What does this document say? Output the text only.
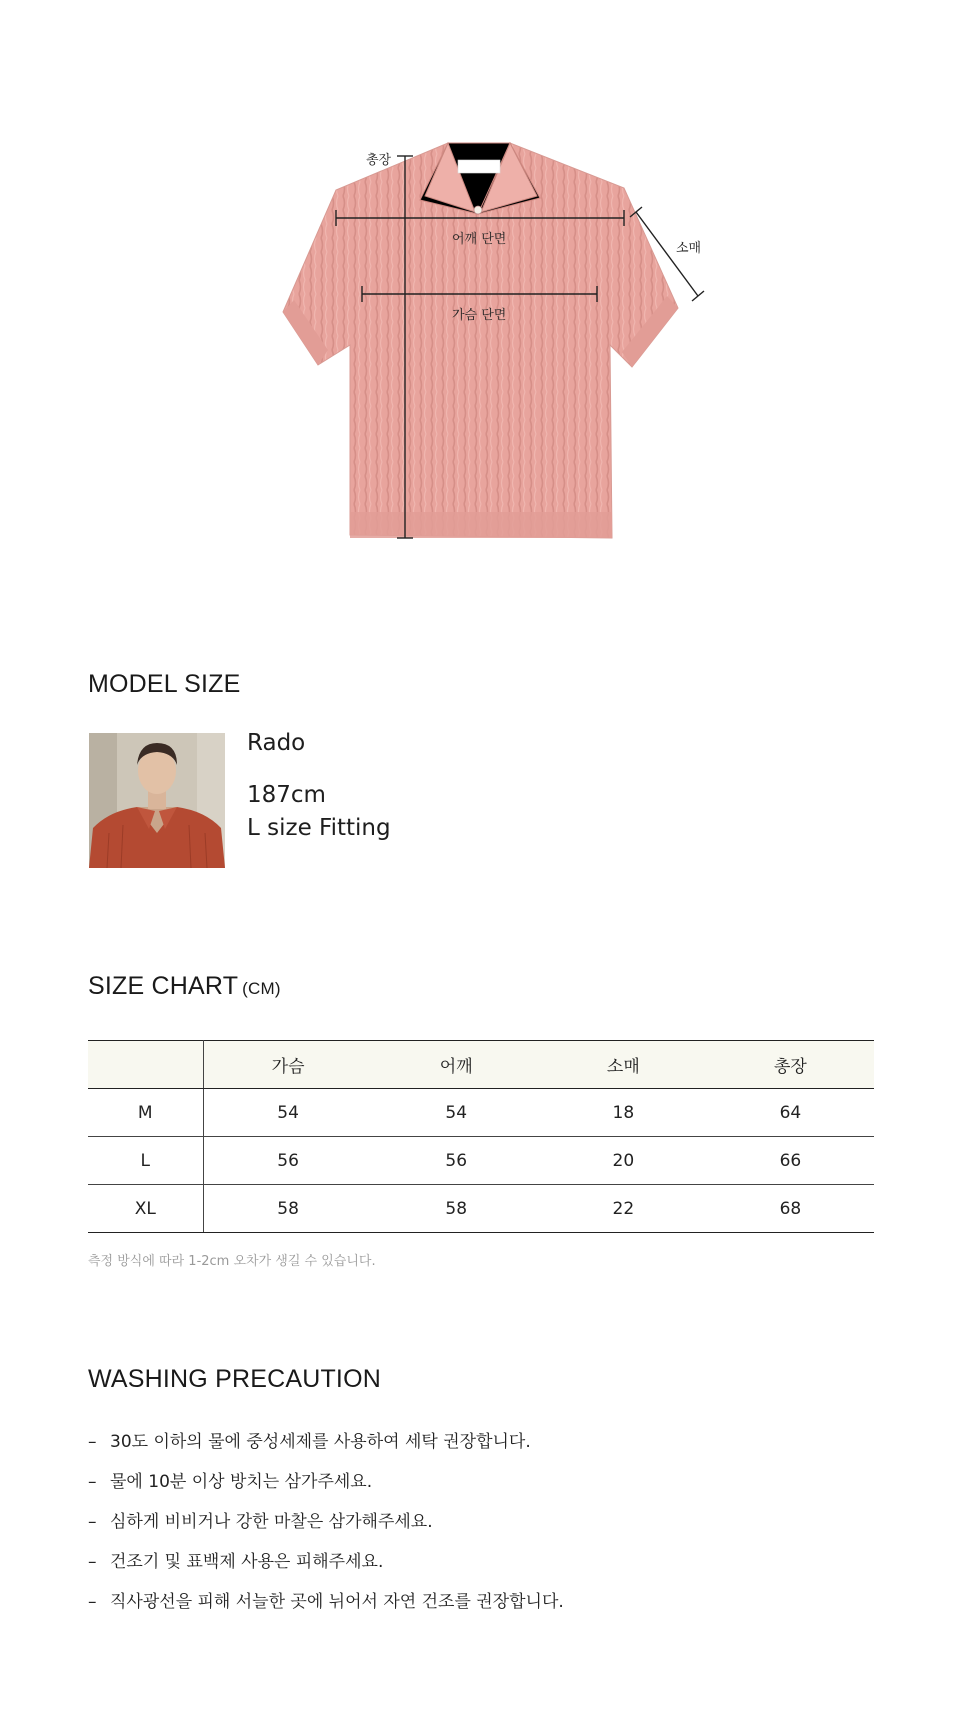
총장
어깨 단면
가슴 단면
소매
MODEL SIZE
Rado
187cm
L size Fitting
SIZE CHART (CM)
	가슴	어깨	소매	총장
M	54	54	18	64
L	56	56	20	66
XL	58	58	22	68
측정 방식에 따라 1-2cm 오차가 생길 수 있습니다.
WASHING PRECAUTION
– 30도 이하의 물에 중성세제를 사용하여 세탁 권장합니다.
– 물에 10분 이상 방치는 삼가주세요.
– 심하게 비비거나 강한 마찰은 삼가해주세요.
– 건조기 및 표백제 사용은 피해주세요.
– 직사광선을 피해 서늘한 곳에 뉘어서 자연 건조를 권장합니다.
